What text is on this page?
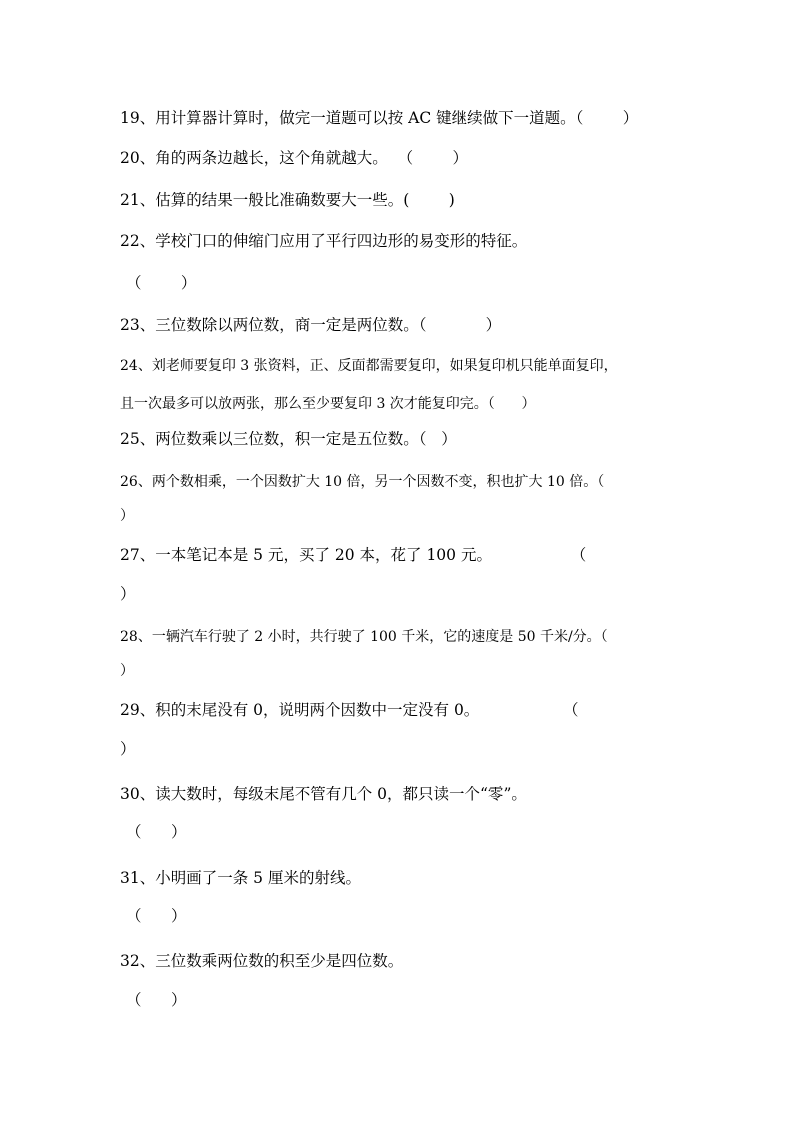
19、用计算器计算时，做完一道题可以按 AC 键继续做下一道题。（        ）
20、角的两条边越长，这个角就越大。  （        ）
21、估算的结果一般比准确数要大一些。(        )
22、学校门口的伸缩门应用了平行四边形的易变形的特征。
（        ）
23、三位数除以两位数，商一定是两位数。（            ）
24、刘老师要复印 3 张资料，正、反面都需要复印，如果复印机只能单面复印，
且一次最多可以放两张，那么至少要复印 3 次才能复印完。（      ）
25、两位数乘以三位数，积一定是五位数。（   ）
26、两个数相乘，一个因数扩大 10 倍，另一个因数不变，积也扩大 10 倍。（
）
27、一本笔记本是 5 元，买了 20 本，花了 100 元。                （
）
28、一辆汽车行驶了 2 小时，共行驶了 100 千米，它的速度是 50 千米/分。（
）
29、积的末尾没有 0，说明两个因数中一定没有 0。                 （
）
30、读大数时，每级末尾不管有几个 0，都只读一个“零”。
（      ）
31、小明画了一条 5 厘米的射线。
（      ）
32、三位数乘两位数的积至少是四位数。
（      ）
